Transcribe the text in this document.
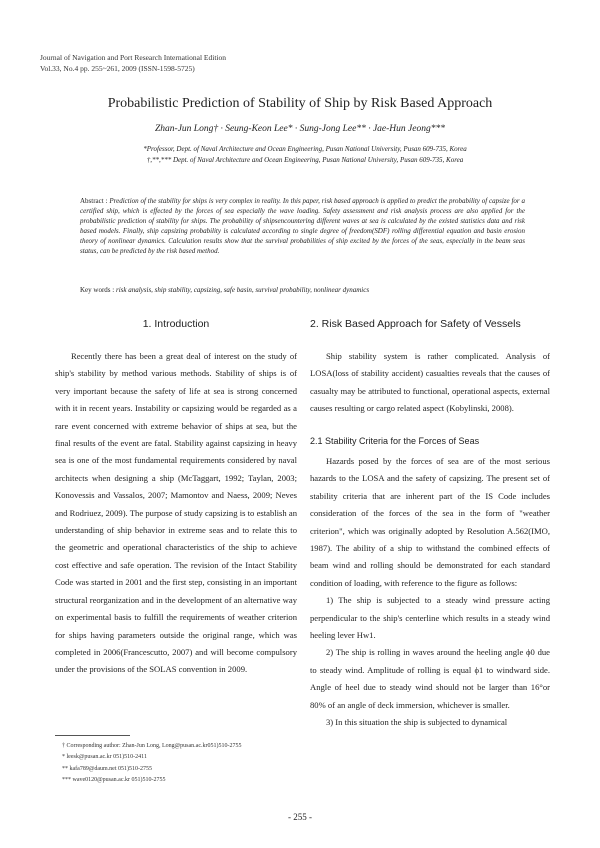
Journal of Navigation and Port Research International Edition
Vol.33, No.4 pp. 255~261, 2009 (ISSN-1598-5725)
Probabilistic Prediction of Stability of Ship by Risk Based Approach
Zhan-Jun Long† · Seung-Keon Lee* · Sung-Jong Lee** · Jae-Hun Jeong***
*Professor, Dept. of Naval Architecture and Ocean Engineering, Pusan National University, Pusan 609-735, Korea
†,**,*** Dept. of Naval Architecture and Ocean Engineering, Pusan National University, Pusan 609-735, Korea
Abstract : Prediction of the stability for ships is very complex in reality. In this paper, risk based approach is applied to predict the probability of capsize for a certified ship, which is effected by the forces of sea especially the wave loading. Safety assessment and risk analysis process are also applied for the probabilistic prediction of stability for ships. The probability of shipsencountering different waves at sea is calculated by the existed statistics data and risk based models. Finally, ship capsizing probability is calculated according to single degree of freedom(SDF) rolling differential equation and basin erosion theory of nonlinear dynamics. Calculation results show that the survival probabilities of ship excited by the forces of the seas, especially in the beam seas status, can be predicted by the risk based method.
Key words : risk analysis, ship stability, capsizing, safe basin, survival probability, nonlinear dynamics
1. Introduction

Recently there has been a great deal of interest on the study of ship's stability by method various methods. Stability of ships is of very important because the safety of life at sea is strong concerned with it in recent years. Instability or capsizing would be regarded as a rare event concerned with extreme behavior of ships at sea, but the final results of the event are fatal. Stability against capsizing in heavy sea is one of the most fundamental requirements considered by naval architects when designing a ship (McTaggart, 1992; Taylan, 2003; Konovessis and Vassalos, 2007; Mamontov and Naess, 2009; Neves and Rodriuez, 2009). The purpose of study capsizing is to establish an understanding of ship behavior in extreme seas and to relate this to the geometric and operational characteristics of the ship to achieve cost effective and safe operation. The revision of the Intact Stability Code was started in 2001 and the first step, consisting in an important structural reorganization and in the development of an alternative way on experimental basis to fulfill the requirements of weather criterion for ships having parameters outside the original range, which was completed in 2006(Francescutto, 2007) and will become compulsory under the provisions of the SOLAS convention in 2009.

2. Risk Based Approach for Safety of Vessels

Ship stability system is rather complicated. Analysis of LOSA(loss of stability accident) casualties reveals that the causes of casualty may be attributed to functional, operational aspects, external causes resulting or cargo related aspect (Kobylinski, 2008).

2.1 Stability Criteria for the Forces of Seas

Hazards posed by the forces of sea are of the most serious hazards to the LOSA and the safety of capsizing. The present set of stability criteria that are inherent part of the IS Code includes consideration of the forces of the sea in the form of "weather criterion", which was originally adopted by Resolution A.562(IMO, 1987). The ability of a ship to withstand the combined effects of beam wind and rolling should be demonstrated for each standard condition of loading, with reference to the figure as follows:

1) The ship is subjected to a steady wind pressure acting perpendicular to the ship's centerline which results in a steady wind heeling lever Hw1.

2) The ship is rolling in waves around the heeling angle ϕ0 due to steady wind. Amplitude of rolling is equal ϕ1 to windward side. Angle of heel due to steady wind should not be larger than 16°or 80% of an angle of deck immersion, whichever is smaller.

3) In this situation the ship is subjected to dynamical

† Corresponding author: Zhan-Jun Long, Long@pusan.ac.kr051)510-2755
* leesk@pusan.ac.kr 051)510-2411
** kafa789@daum.net 051)510-2755
*** wave0120@pusan.ac.kr 051)510-2755
- 255 -
